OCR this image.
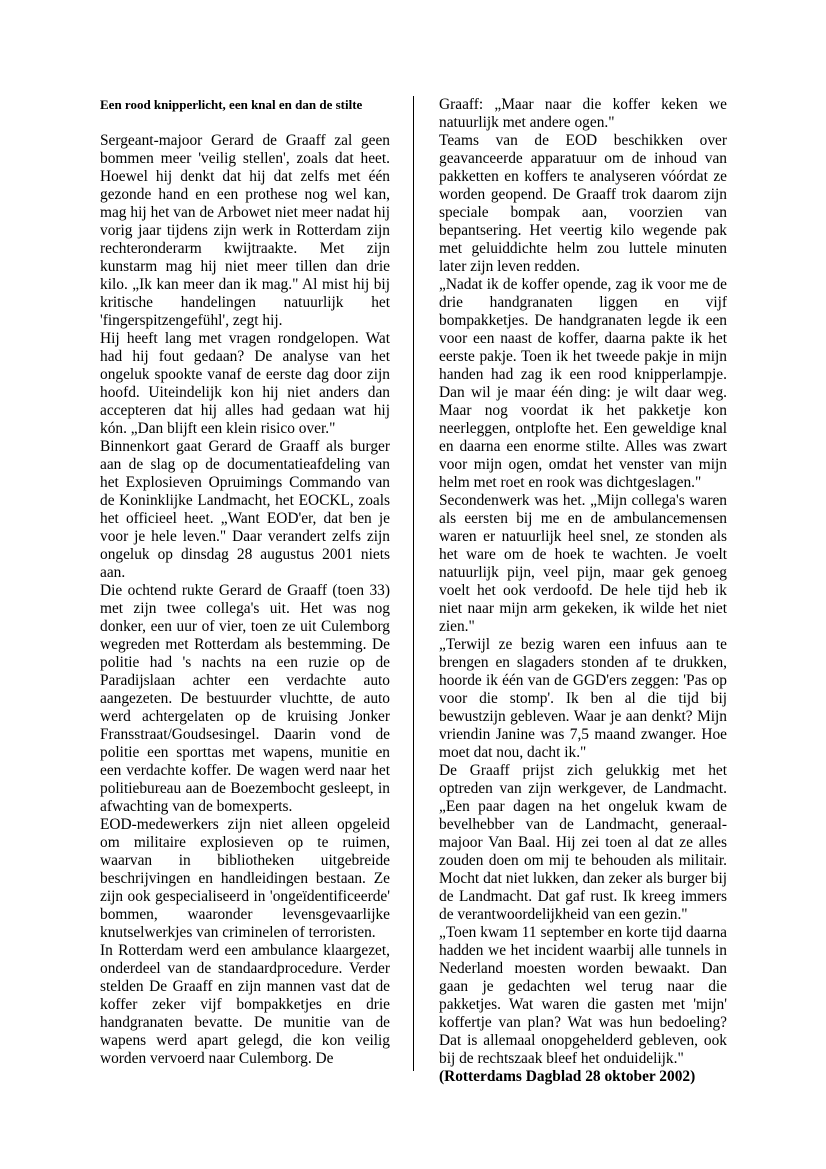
Een rood knipperlicht, een knal en dan de stilte

Sergeant-majoor Gerard de Graaff zal geen bommen meer 'veilig stellen', zoals dat heet. Hoewel hij denkt dat hij dat zelfs met één gezonde hand en een prothese nog wel kan, mag hij het van de Arbowet niet meer nadat hij vorig jaar tijdens zijn werk in Rotterdam zijn rechteronderarm kwijtraakte. Met zijn kunstarm mag hij niet meer tillen dan drie kilo. „Ik kan meer dan ik mag." Al mist hij bij kritische handelingen natuurlijk het 'fingerspitzengefühl', zegt hij.

Hij heeft lang met vragen rondgelopen. Wat had hij fout gedaan? De analyse van het ongeluk spookte vanaf de eerste dag door zijn hoofd. Uiteindelijk kon hij niet anders dan accepteren dat hij alles had gedaan wat hij kón. „Dan blijft een klein risico over."

Binnenkort gaat Gerard de Graaff als burger aan de slag op de documentatieafdeling van het Explosieven Opruimings Commando van de Koninklijke Landmacht, het EOCKL, zoals het officieel heet. „Want EOD'er, dat ben je voor je hele leven." Daar verandert zelfs zijn ongeluk op dinsdag 28 augustus 2001 niets aan.

Die ochtend rukte Gerard de Graaff (toen 33) met zijn twee collega's uit. Het was nog donker, een uur of vier, toen ze uit Culemborg wegreden met Rotterdam als bestemming. De politie had 's nachts na een ruzie op de Paradijslaan achter een verdachte auto aangezeten. De bestuurder vluchtte, de auto werd achtergelaten op de kruising Jonker Fransstraat/Goudsesingel. Daarin vond de politie een sporttas met wapens, munitie en een verdachte koffer. De wagen werd naar het politiebureau aan de Boezembocht gesleept, in afwachting van de bomexperts.

EOD-medewerkers zijn niet alleen opgeleid om militaire explosieven op te ruimen, waarvan in bibliotheken uitgebreide beschrijvingen en handleidingen bestaan. Ze zijn ook gespecialiseerd in 'ongeïdentificeerde' bommen, waaronder levensgevaarlijke knutselwerkjes van criminelen of terroristen.

In Rotterdam werd een ambulance klaargezet, onderdeel van de standaardprocedure. Verder stelden De Graaff en zijn mannen vast dat de koffer zeker vijf bompakketjes en drie handgranaten bevatte. De munitie van de wapens werd apart gelegd, die kon veilig worden vervoerd naar Culemborg. De

Graaff: „Maar naar die koffer keken we natuurlijk met andere ogen."

Teams van de EOD beschikken over geavanceerde apparatuur om de inhoud van pakketten en koffers te analyseren vóórdat ze worden geopend. De Graaff trok daarom zijn speciale bompak aan, voorzien van bepantsering. Het veertig kilo wegende pak met geluiddichte helm zou luttele minuten later zijn leven redden.

„Nadat ik de koffer opende, zag ik voor me de drie handgranaten liggen en vijf bompakketjes. De handgranaten legde ik een voor een naast de koffer, daarna pakte ik het eerste pakje. Toen ik het tweede pakje in mijn handen had zag ik een rood knipperlampje. Dan wil je maar één ding: je wilt daar weg. Maar nog voordat ik het pakketje kon neerleggen, ontplofte het. Een geweldige knal en daarna een enorme stilte. Alles was zwart voor mijn ogen, omdat het venster van mijn helm met roet en rook was dichtgeslagen."

Secondenwerk was het. „Mijn collega's waren als eersten bij me en de ambulancemensen waren er natuurlijk heel snel, ze stonden als het ware om de hoek te wachten. Je voelt natuurlijk pijn, veel pijn, maar gek genoeg voelt het ook verdoofd. De hele tijd heb ik niet naar mijn arm gekeken, ik wilde het niet zien."

„Terwijl ze bezig waren een infuus aan te brengen en slagaders stonden af te drukken, hoorde ik één van de GGD'ers zeggen: 'Pas op voor die stomp'. Ik ben al die tijd bij bewustzijn gebleven. Waar je aan denkt? Mijn vriendin Janine was 7,5 maand zwanger. Hoe moet dat nou, dacht ik."

De Graaff prijst zich gelukkig met het optreden van zijn werkgever, de Landmacht. „Een paar dagen na het ongeluk kwam de bevelhebber van de Landmacht, generaal-majoor Van Baal. Hij zei toen al dat ze alles zouden doen om mij te behouden als militair. Mocht dat niet lukken, dan zeker als burger bij de Landmacht. Dat gaf rust. Ik kreeg immers de verantwoordelijkheid van een gezin."

„Toen kwam 11 september en korte tijd daarna hadden we het incident waarbij alle tunnels in Nederland moesten worden bewaakt. Dan gaan je gedachten wel terug naar die pakketjes. Wat waren die gasten met 'mijn' koffertje van plan? Wat was hun bedoeling? Dat is allemaal onopgehelderd gebleven, ook bij de rechtszaak bleef het onduidelijk."

(Rotterdams Dagblad 28 oktober 2002)
